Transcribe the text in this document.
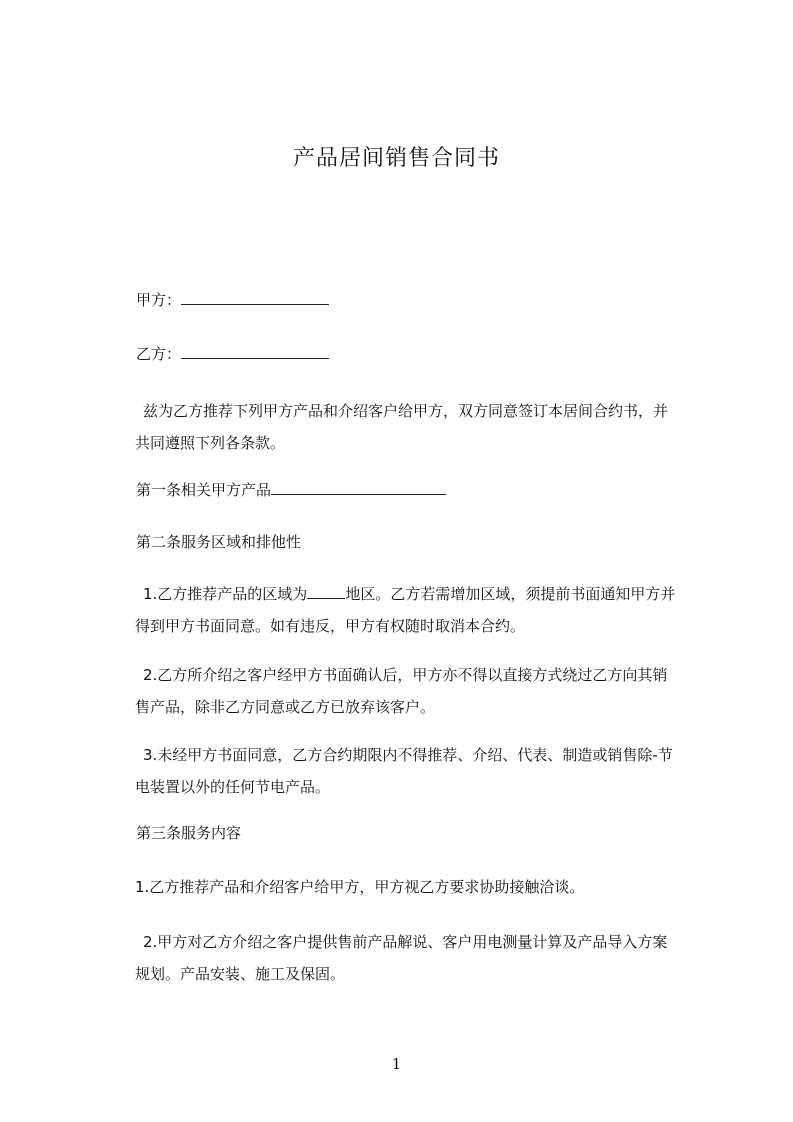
产品居间销售合同书
甲方：
乙方：
兹为乙方推荐下列甲方产品和介绍客户给甲方，双方同意签订本居间合约书，并
共同遵照下列各条款。
第一条相关甲方产品
第二条服务区域和排他性
1.乙方推荐产品的区域为	地区。乙方若需增加区域，须提前书面通知甲方并
得到甲方书面同意。如有违反，甲方有权随时取消本合约。
2.乙方所介绍之客户经甲方书面确认后，甲方亦不得以直接方式绕过乙方向其销
售产品，除非乙方同意或乙方已放弃该客户。
3.未经甲方书面同意，乙方合约期限内不得推荐、介绍、代表、制造或销售除-节
电装置以外的任何节电产品。
第三条服务内容
1.乙方推荐产品和介绍客户给甲方，甲方视乙方要求协助接触洽谈。
2.甲方对乙方介绍之客户提供售前产品解说、客户用电测量计算及产品导入方案
规划。产品安装、施工及保固。
1
